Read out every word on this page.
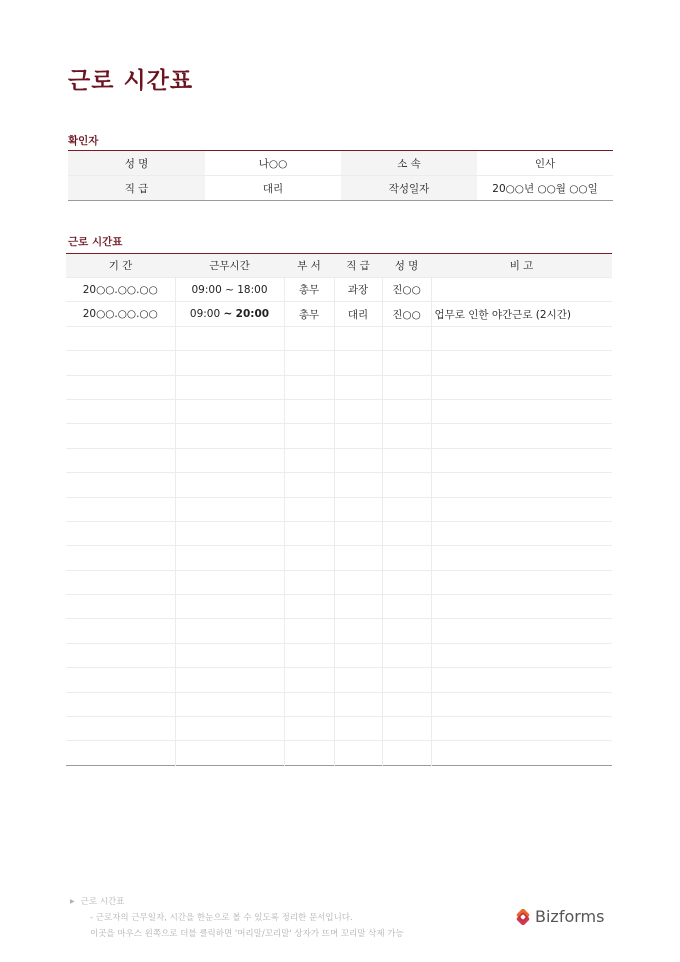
근로 시간표
확인자
성 명	나○○	소 속	인사
직 급	대리	작성일자	20○○년 ○○월 ○○일
근로 시간표
기 간	근무시간	부 서	직 급	성 명	비 고
20○○.○○.○○	09:00 ~ 18:00	총무	과장	진○○	
20○○.○○.○○	09:00 ~ 20:00	총무	대리	진○○	업무로 인한 야간근로 (2시간)

▶ 근로 시간표
- 근로자의 근무일자, 시간을 한눈으로 볼 수 있도록 정리한 문서입니다.
이곳을 마우스 왼쪽으로 더블 클릭하면 '머리말/꼬리말' 상자가 뜨며 꼬리말 삭제 가능
Bizforms
